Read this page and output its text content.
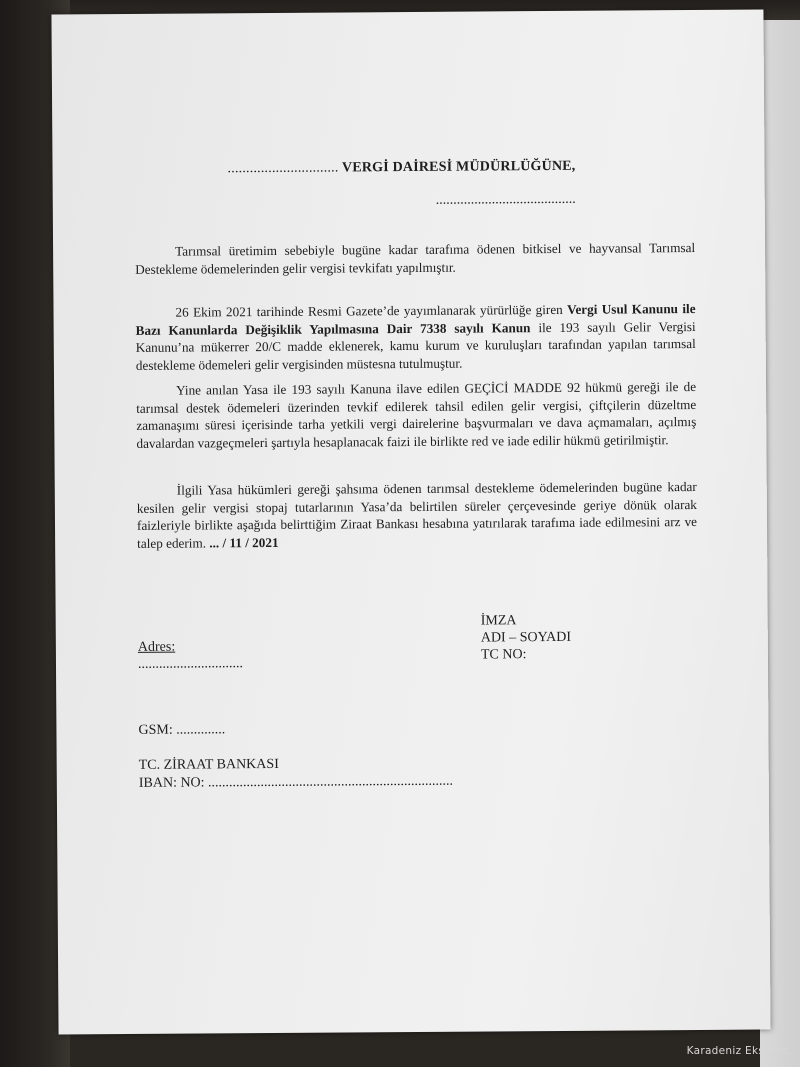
.............................. VERGİ DAİRESİ MÜDÜRLÜĞÜNE,
........................................
Tarımsal üretimim sebebiyle bugüne kadar tarafıma ödenen bitkisel ve hayvansal Tarımsal Destekleme ödemelerinden gelir vergisi tevkifatı yapılmıştır.
26 Ekim 2021 tarihinde Resmi Gazete’de yayımlanarak yürürlüğe giren Vergi Usul Kanunu ile Bazı Kanunlarda Değişiklik Yapılmasına Dair 7338 sayılı Kanun ile 193 sayılı Gelir Vergisi Kanunu’na mükerrer 20/C madde eklenerek, kamu kurum ve kuruluşları tarafından yapılan tarımsal destekleme ödemeleri gelir vergisinden müstesna tutulmuştur.
Yine anılan Yasa ile 193 sayılı Kanuna ilave edilen GEÇİCİ MADDE 92 hükmü gereği ile de tarımsal destek ödemeleri üzerinden tevkif edilerek tahsil edilen gelir vergisi, çiftçilerin düzeltme zamanaşımı süresi içerisinde tarha yetkili vergi dairelerine başvurmaları ve dava açmamaları, açılmış davalardan vazgeçmeleri şartıyla hesaplanacak faizi ile birlikte red ve iade edilir hükmü getirilmiştir.
İlgili Yasa hükümleri gereği şahsıma ödenen tarımsal destekleme ödemelerinden bugüne kadar kesilen gelir vergisi stopaj tutarlarının Yasa’da belirtilen süreler çerçevesinde geriye dönük olarak faizleriyle birlikte aşağıda belirttiğim Ziraat Bankası hesabına yatırılarak tarafıma iade edilmesini arz ve talep ederim. ... / 11 / 2021
İMZA
ADI – SOYADI
TC NO:
Adres:
..............................
GSM: ..............
TC. ZİRAAT BANKASI
IBAN: NO: ......................................................................
Karadeniz Ekspres
